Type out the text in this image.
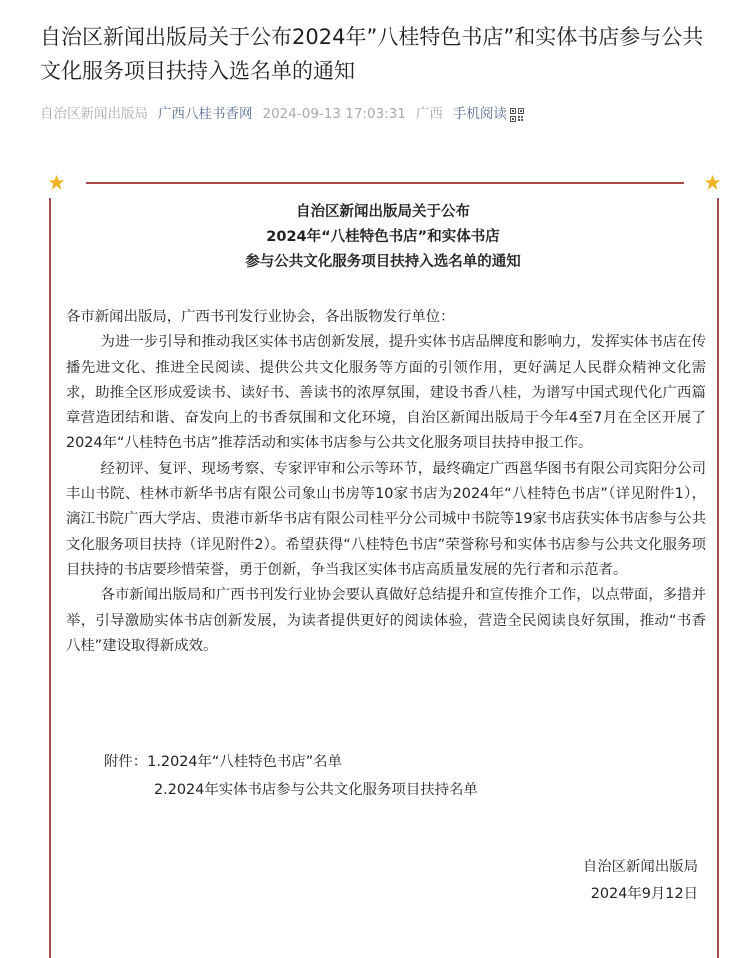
自治区新闻出版局关于公布2024年”八桂特色书店”和实体书店参与公共文化服务项目扶持入选名单的通知
自治区新闻出版局 广西八桂书香网 2024-09-13 17:03:31 广西 手机阅读
自治区新闻出版局关于公布
2024年“八桂特色书店”和实体书店
参与公共文化服务项目扶持入选名单的通知

各市新闻出版局，广西书刊发行业协会，各出版物发行单位：

为进一步引导和推动我区实体书店创新发展，提升实体书店品牌度和影响力，发挥实体书店在传播先进文化、推进全民阅读、提供公共文化服务等方面的引领作用，更好满足人民群众精神文化需求，助推全区形成爱读书、读好书、善读书的浓厚氛围，建设书香八桂，为谱写中国式现代化广西篇章营造团结和谐、奋发向上的书香氛围和文化环境，自治区新闻出版局于今年4至7月在全区开展了2024年“八桂特色书店”推荐活动和实体书店参与公共文化服务项目扶持申报工作。

经初评、复评、现场考察、专家评审和公示等环节，最终确定广西邕华图书有限公司宾阳分公司丰山书院、桂林市新华书店有限公司象山书房等10家书店为2024年“八桂特色书店”（详见附件1），漓江书院广西大学店、贵港市新华书店有限公司桂平分公司城中书院等19家书店获实体书店参与公共文化服务项目扶持（详见附件2）。希望获得“八桂特色书店”荣誉称号和实体书店参与公共文化服务项目扶持的书店要珍惜荣誉，勇于创新，争当我区实体书店高质量发展的先行者和示范者。

各市新闻出版局和广西书刊发行业协会要认真做好总结提升和宣传推介工作，以点带面，多措并举，引导激励实体书店创新发展，为读者提供更好的阅读体验，营造全民阅读良好氛围，推动“书香八桂”建设取得新成效。

附件：1.2024年“八桂特色书店”名单
2.2024年实体书店参与公共文化服务项目扶持名单
自治区新闻出版局
2024年9月12日
